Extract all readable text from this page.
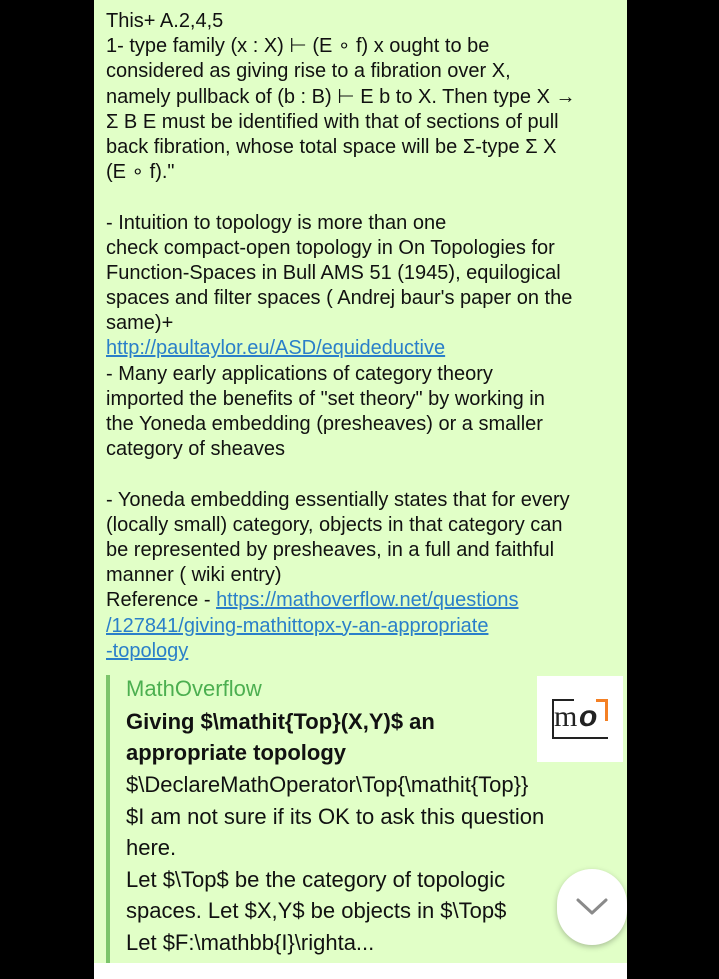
This+ A.2,4,5
1- type family (x : X) ⊢ (E ∘ f) x ought to be
considered as giving rise to a fibration over X,
namely pullback of (b : B) ⊢ E b to X. Then type X →
Σ B E must be identified with that of sections of pull
back fibration, whose total space will be Σ-type Σ X
(E ∘ f)."
- Intuition to topology is more than one
check compact-open topology in On Topologies for
Function-Spaces in Bull AMS 51 (1945), equilogical
spaces and filter spaces ( Andrej baur's paper on the
same)+
http://paultaylor.eu/ASD/equideductive
- Many early applications of category theory
imported the benefits of "set theory" by working in
the Yoneda embedding (presheaves) or a smaller
category of sheaves
- Yoneda embedding essentially states that for every
(locally small) category, objects in that category can
be represented by presheaves, in a full and faithful
manner ( wiki entry)
Reference - https://mathoverflow.net/questions
/127841/giving-mathittopx-y-an-appropriate
-topology
MathOverflow
Giving $\mathit{Top}(X,Y)$ an appropriate topology
$\DeclareMathOperator\Top{\mathit{Top}}
$I am not sure if its OK to ask this question
here.
Let $\Top$ be the category of topologic
spaces. Let $X,Y$ be objects in $\Top$
Let $F:\mathbb{I}\righta...
m o
